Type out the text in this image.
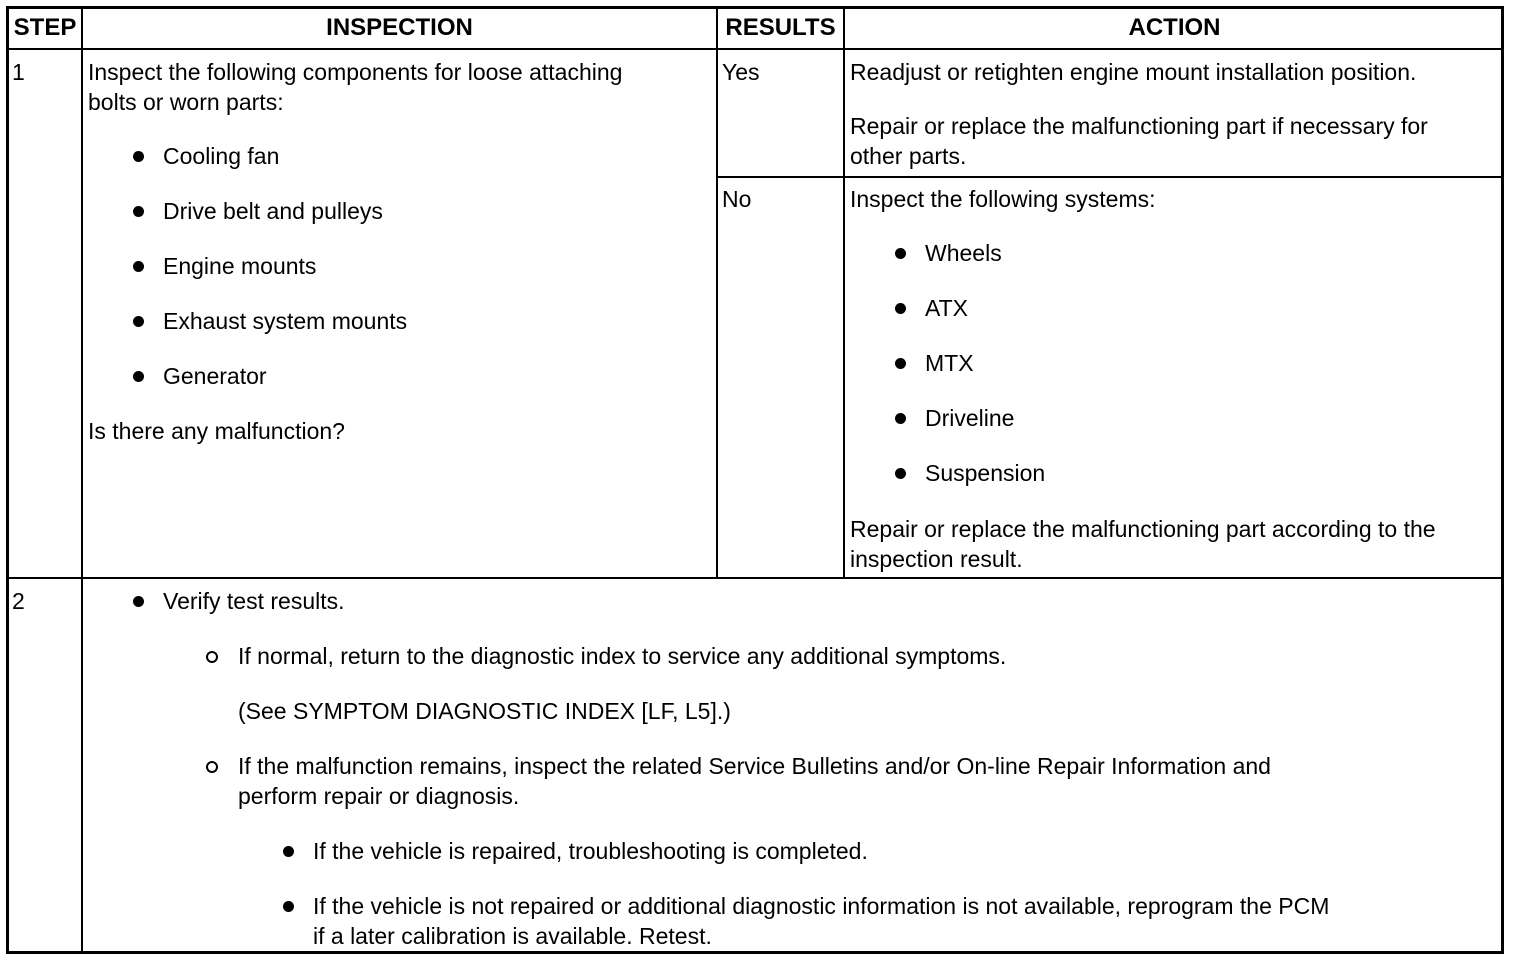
STEP	INSPECTION	RESULTS	ACTION
1	Inspect the following components for loose attaching
bolts or worn parts:
Cooling fan
Drive belt and pulleys
Engine mounts
Exhaust system mounts
Generator
Is there any malfunction?
Yes	Readjust or retighten engine mount installation position.
Repair or replace the malfunctioning part if necessary for
other parts.
No	Inspect the following systems:
Wheels
ATX
MTX
Driveline
Suspension
Repair or replace the malfunctioning part according to the
inspection result.
2	Verify test results.
If normal, return to the diagnostic index to service any additional symptoms.
(See SYMPTOM DIAGNOSTIC INDEX [LF, L5].)
If the malfunction remains, inspect the related Service Bulletins and/or On-line Repair Information and
perform repair or diagnosis.
If the vehicle is repaired, troubleshooting is completed.
If the vehicle is not repaired or additional diagnostic information is not available, reprogram the PCM
if a later calibration is available. Retest.
